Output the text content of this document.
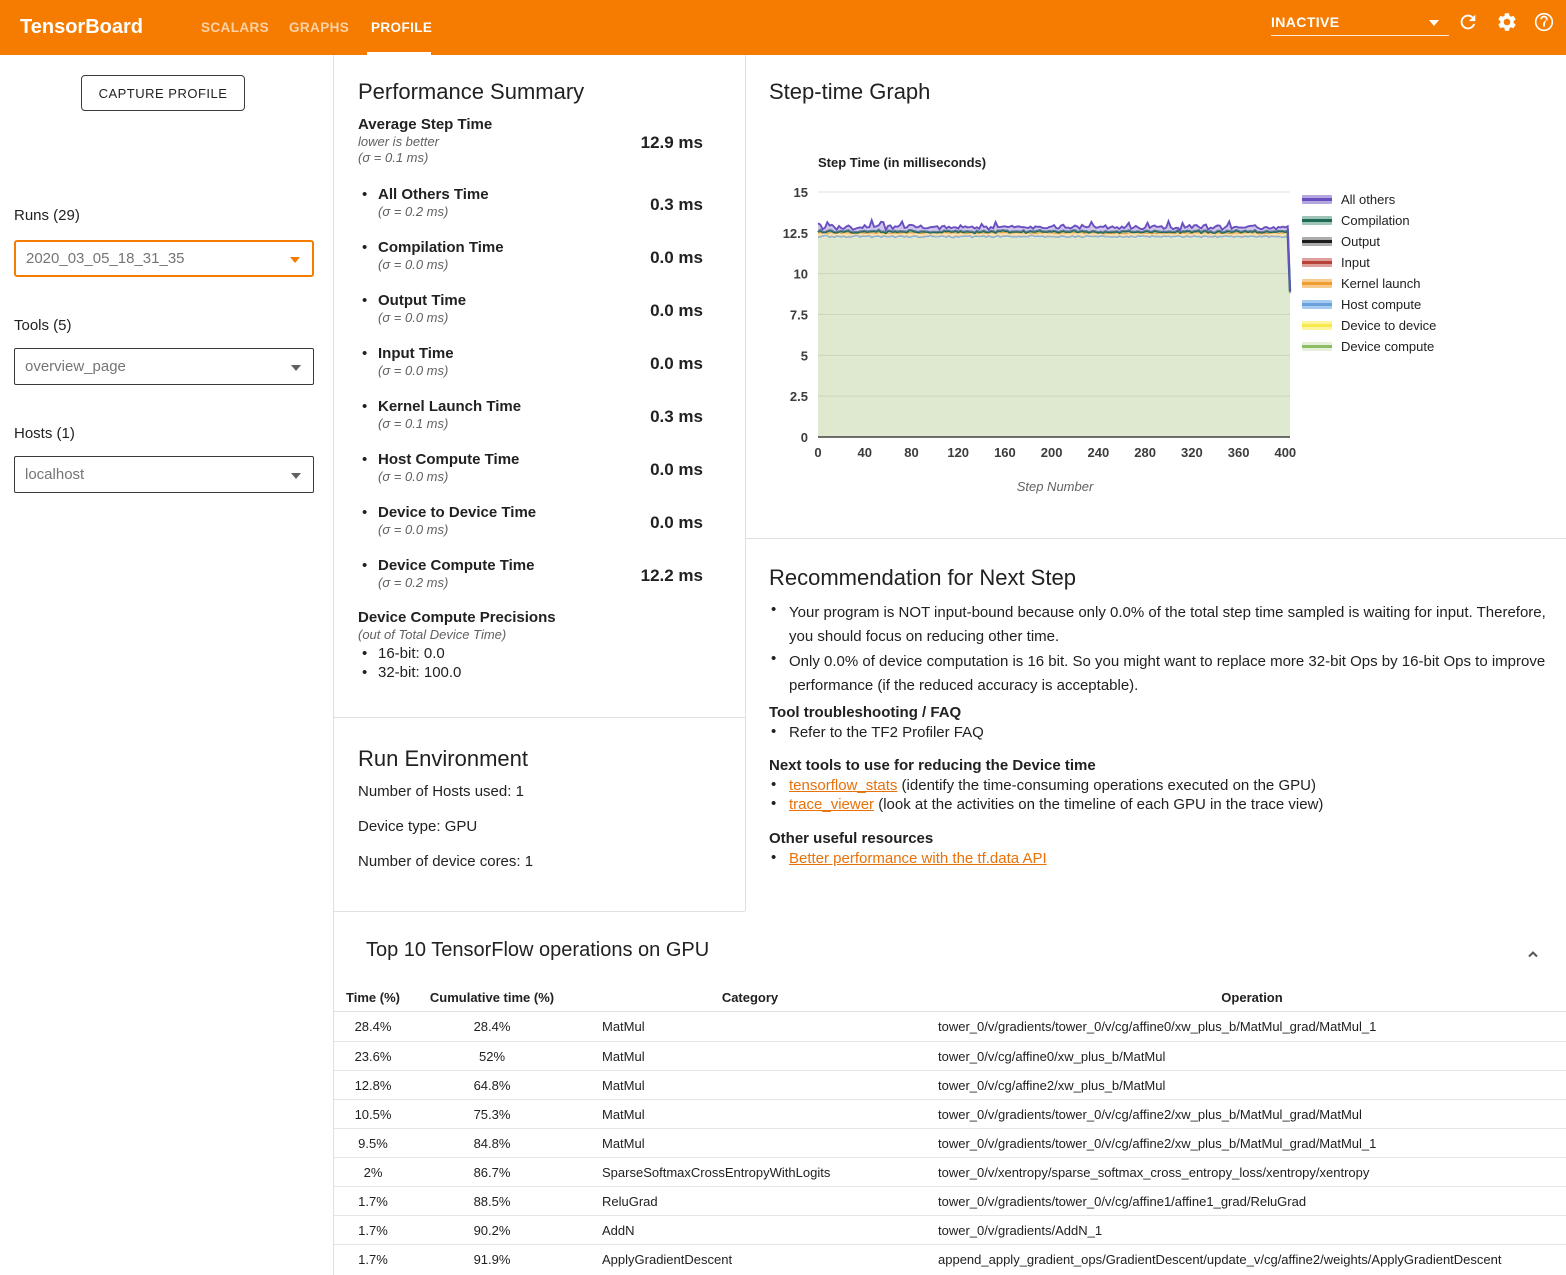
TensorBoard	SCALARS GRAPHS PROFILE	INACTIVE
CAPTURE PROFILE
Runs (29)
2020_03_05_18_31_35
Tools (5)
overview_page
Hosts (1)
localhost
Performance Summary
Average Step Time
lower is better
(σ = 0.1 ms)
12.9 ms
• All Others Time
(σ = 0.2 ms)	0.3 ms
• Compilation Time
(σ = 0.0 ms)	0.0 ms
• Output Time
(σ = 0.0 ms)	0.0 ms
• Input Time
(σ = 0.0 ms)	0.0 ms
• Kernel Launch Time
(σ = 0.1 ms)	0.3 ms
• Host Compute Time
(σ = 0.0 ms)	0.0 ms
• Device to Device Time
(σ = 0.0 ms)	0.0 ms
• Device Compute Time
(σ = 0.2 ms)	12.2 ms
Device Compute Precisions
(out of Total Device Time)
• 16-bit: 0.0
• 32-bit: 100.0
Run Environment
Number of Hosts used: 1
Device type: GPU
Number of device cores: 1
Step-time Graph
Step Time (in milliseconds)
0
2.5
5
7.5
10
12.5
15
0	40 80 120 160 200 240 280 320 360 400
Step Number
All others
Compilation
Output
Input
Kernel launch
Host compute
Device to device
Device compute
Recommendation for Next Step
• Your program is NOT input-bound because only 0.0% of the total step time sampled is waiting for input. Therefore, you should focus on reducing other time.
• Only 0.0% of device computation is 16 bit. So you might want to replace more 32-bit Ops by 16-bit Ops to improve performance (if the reduced accuracy is acceptable).
Tool troubleshooting / FAQ
• Refer to the TF2 Profiler FAQ
Next tools to use for reducing the Device time
• tensorflow_stats (identify the time-consuming operations executed on the GPU)
• trace_viewer (look at the activities on the timeline of each GPU in the trace view)
Other useful resources
• Better performance with the tf.data API
Top 10 TensorFlow operations on GPU
Time (%)	Cumulative time (%)	Category	Operation
28.4%	28.4%	MatMul	tower_0/v/gradients/tower_0/v/cg/affine0/xw_plus_b/MatMul_grad/MatMul_1
23.6%	52%	MatMul	tower_0/v/cg/affine0/xw_plus_b/MatMul
12.8%	64.8%	MatMul	tower_0/v/cg/affine2/xw_plus_b/MatMul
10.5%	75.3%	MatMul	tower_0/v/gradients/tower_0/v/cg/affine2/xw_plus_b/MatMul_grad/MatMul
9.5%	84.8%	MatMul	tower_0/v/gradients/tower_0/v/cg/affine2/xw_plus_b/MatMul_grad/MatMul_1
2%	86.7%	SparseSoftmaxCrossEntropyWithLogits	tower_0/v/xentropy/sparse_softmax_cross_entropy_loss/xentropy/xentropy
1.7%	88.5%	ReluGrad	tower_0/v/gradients/tower_0/v/cg/affine1/affine1_grad/ReluGrad
1.7%	90.2%	AddN	tower_0/v/gradients/AddN_1
1.7%	91.9%	ApplyGradientDescent	append_apply_gradient_ops/GradientDescent/update_v/cg/affine2/weights/ApplyGradientDescent
